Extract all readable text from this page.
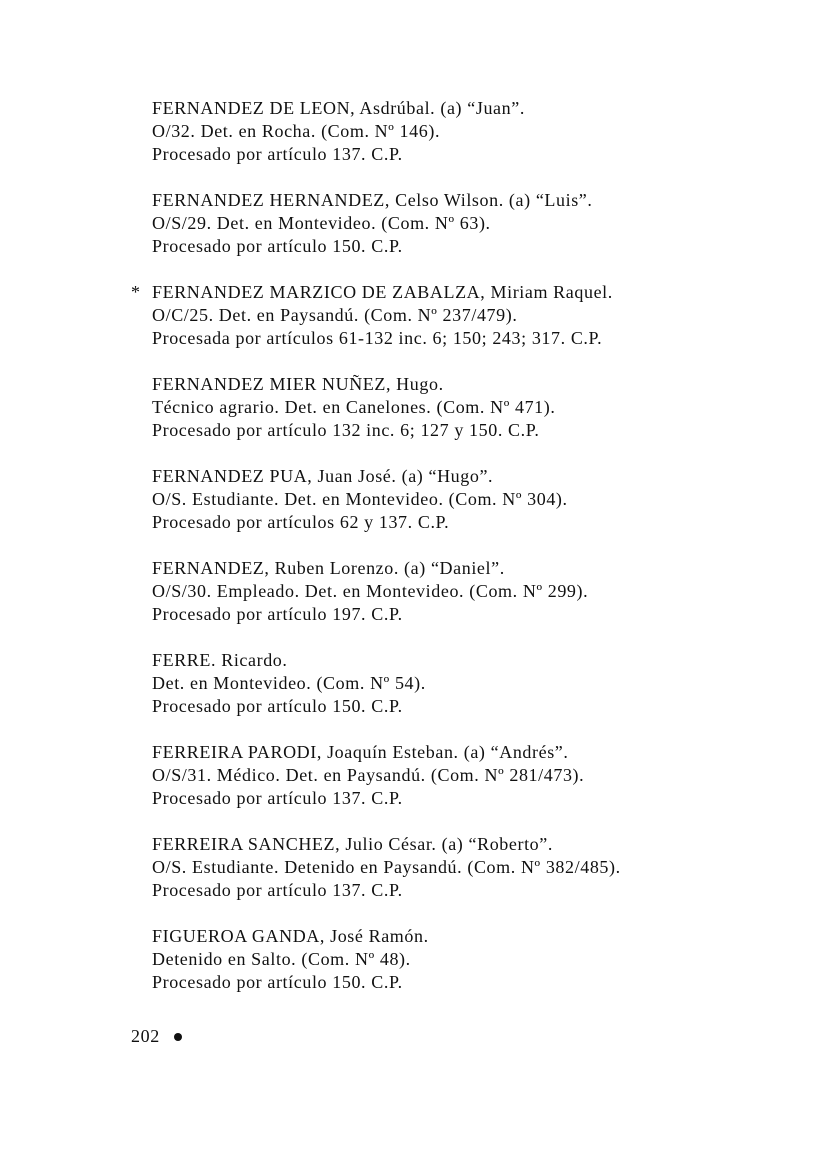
FERNANDEZ DE LEON, Asdrúbal. (a) “Juan”.
O/32. Det. en Rocha. (Com. Nº 146).
Procesado por artículo 137. C.P.
FERNANDEZ HERNANDEZ, Celso Wilson. (a) “Luis”.
O/S/29. Det. en Montevideo. (Com. Nº 63).
Procesado por artículo 150. C.P.
* FERNANDEZ MARZICO DE ZABALZA, Miriam Raquel.
O/C/25. Det. en Paysandú. (Com. Nº 237/479).
Procesada por artículos 61-132 inc. 6; 150; 243; 317. C.P.
FERNANDEZ MIER NUÑEZ, Hugo.
Técnico agrario. Det. en Canelones. (Com. Nº 471).
Procesado por artículo 132 inc. 6; 127 y 150. C.P.
FERNANDEZ PUA, Juan José. (a) “Hugo”.
O/S. Estudiante. Det. en Montevideo. (Com. Nº 304).
Procesado por artículos 62 y 137. C.P.
FERNANDEZ, Ruben Lorenzo. (a) “Daniel”.
O/S/30. Empleado. Det. en Montevideo. (Com. Nº 299).
Procesado por artículo 197. C.P.
FERRE. Ricardo.
Det. en Montevideo. (Com. Nº 54).
Procesado por artículo 150. C.P.
FERREIRA PARODI, Joaquín Esteban. (a) “Andrés”.
O/S/31. Médico. Det. en Paysandú. (Com. Nº 281/473).
Procesado por artículo 137. C.P.
FERREIRA SANCHEZ, Julio César. (a) “Roberto”.
O/S. Estudiante. Detenido en Paysandú. (Com. Nº 382/485).
Procesado por artículo 137. C.P.
FIGUEROA GANDA, José Ramón.
Detenido en Salto. (Com. Nº 48).
Procesado por artículo 150. C.P.
202
